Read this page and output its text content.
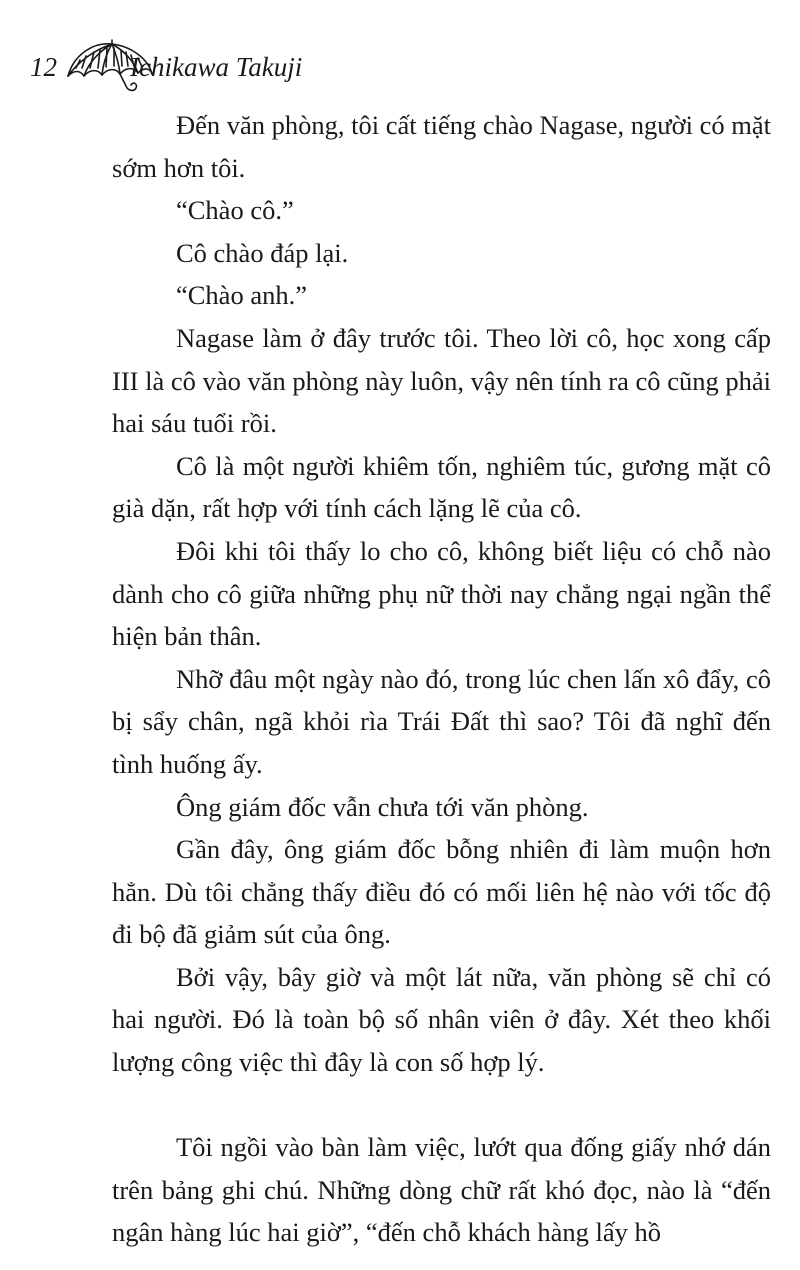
12	Ichikawa Takuji

Đến văn phòng, tôi cất tiếng chào Nagase, người có mặt sớm hơn tôi.

“Chào cô.”

Cô chào đáp lại.

“Chào anh.”

Nagase làm ở đây trước tôi. Theo lời cô, học xong cấp III là cô vào văn phòng này luôn, vậy nên tính ra cô cũng phải hai sáu tuổi rồi.

Cô là một người khiêm tốn, nghiêm túc, gương mặt cô già dặn, rất hợp với tính cách lặng lẽ của cô.

Đôi khi tôi thấy lo cho cô, không biết liệu có chỗ nào dành cho cô giữa những phụ nữ thời nay chẳng ngại ngần thể hiện bản thân.

Nhỡ đâu một ngày nào đó, trong lúc chen lấn xô đẩy, cô bị sẩy chân, ngã khỏi rìa Trái Đất thì sao? Tôi đã nghĩ đến tình huống ấy.

Ông giám đốc vẫn chưa tới văn phòng.

Gần đây, ông giám đốc bỗng nhiên đi làm muộn hơn hẳn. Dù tôi chẳng thấy điều đó có mối liên hệ nào với tốc độ đi bộ đã giảm sút của ông.

Bởi vậy, bây giờ và một lát nữa, văn phòng sẽ chỉ có hai người. Đó là toàn bộ số nhân viên ở đây. Xét theo khối lượng công việc thì đây là con số hợp lý.

Tôi ngồi vào bàn làm việc, lướt qua đống giấy nhớ dán trên bảng ghi chú. Những dòng chữ rất khó đọc, nào là “đến ngân hàng lúc hai giờ”, “đến chỗ khách hàng lấy hồ
